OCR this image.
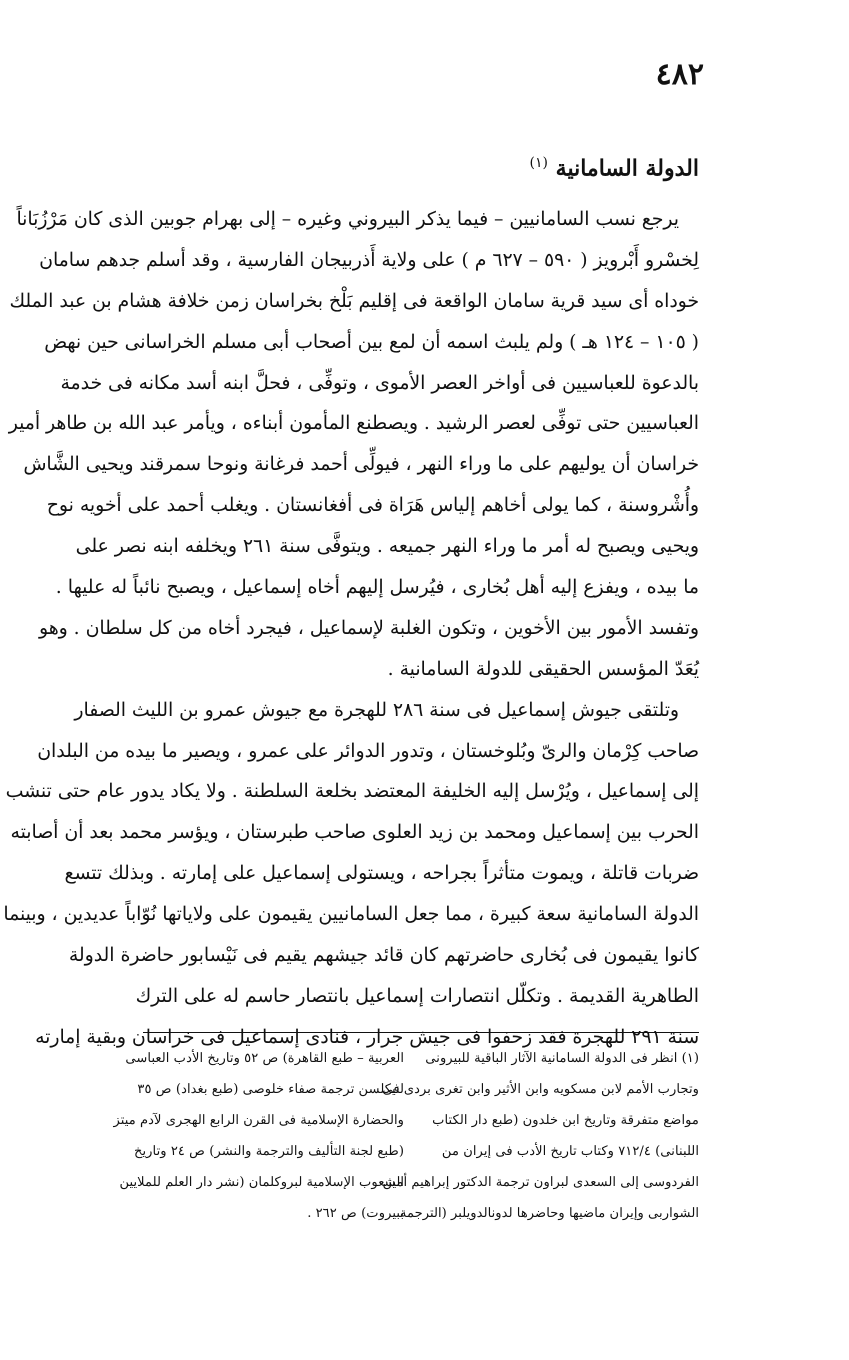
٤٨٢
الدولة السامانية $^{(١)}$
يرجع نسب السامانيين – فيما يذكر البيروني وغيره – إلى بهرام جوبين الذى كان مَرْزُبَاناً
لِخسْرو أَبْرويز ( ٥٩٠ – ٦٢٧ م ) على ولاية أَذربيجان الفارسية ، وقد أسلم جدهم سامان
خوداه أى سيد قرية سامان الواقعة فى إقليم بَلْخ بخراسان زمن خلافة هشام بن عبد الملك
( ١٠٥ – ١٢٤ هـ ) ولم يلبث اسمه أن لمع بين أصحاب أبى مسلم الخراسانى حين نهض
بالدعوة للعباسيين فى أواخر العصر الأموى ، وتوفِّى ، فحلَّ ابنه أسد مكانه فى خدمة
العباسيين حتى توفِّى لعصر الرشيد . ويصطنع المأمون أبناءه ، ويأمر عبد الله بن طاهر أمير
خراسان أن يوليهم على ما وراء النهر ، فيولِّى أحمد فرغانة ونوحا سمرقند ويحيى الشَّاش
وأُشْروسنة ، كما يولى أخاهم إلياس هَرَاة فى أفغانستان . ويغلب أحمد على أخويه نوح
ويحيى ويصبح له أمر ما وراء النهر جميعه . ويتوفَّى سنة ٢٦١ ويخلفه ابنه نصر على
ما بيده ، ويفزع إليه أهل بُخارى ، فيُرسل إليهم أخاه إسماعيل ، ويصبح نائباً له عليها .
وتفسد الأمور بين الأخوين ، وتكون الغلبة لإسماعيل ، فيجرد أخاه من كل سلطان . وهو
يُعَدّ المؤسس الحقيقى للدولة السامانية .
وتلتقى جيوش إسماعيل فى سنة ٢٨٦ للهجرة مع جيوش عمرو بن الليث الصفار
صاحب كِرْمان والرىّ وبُلوخستان ، وتدور الدوائر على عمرو ، ويصير ما بيده من البلدان
إلى إسماعيل ، ويُرْسل إليه الخليفة المعتضد بخلعة السلطنة . ولا يكاد يدور عام حتى تنشب
الحرب بين إسماعيل ومحمد بن زيد العلوى صاحب طبرستان ، ويؤسر محمد بعد أن أصابته
ضربات قاتلة ، ويموت متأثراً بجراحه ، ويستولى إسماعيل على إمارته . وبذلك تتسع
الدولة السامانية سعة كبيرة ، مما جعل السامانيين يقيمون على ولاياتها نُوّاباً عديدين ، وبينما
كانوا يقيمون فى بُخارى حاضرتهم كان قائد جيشهم يقيم فى نَيْسابور حاضرة الدولة
الطاهرية القديمة . وتكلّل انتصارات إسماعيل بانتصار حاسم له على الترك
سنة ٢٩١ للهجرة فقد زحفوا فى جيش جرار ، فنادى إسماعيل فى خراسان وبقية إمارته
(١) انظر فى الدولة السامانية الآثار الباقية للبيرونى
وتجارب الأمم لابن مسكويه وابن الأثير وابن تغرى بردى فى
مواضع متفرقة وتاريخ ابن خلدون (طبع دار الكتاب
اللبنانى) ٧١٢/٤ وكتاب تاريخ الأدب فى إيران من
الفردوسى إلى السعدى لبراون ترجمة الدكتور إبراهيم أمين
الشواربى وإيران ماضيها وحاضرها لدونالدويلبر (الترجمة
العربية – طبع القاهرة) ص ٥٢ وتاريخ الأدب العباسى
لنيكلسن ترجمة صفاء خلوصى (طبع بغداد) ص ٣٥
والحضارة الإسلامية فى القرن الرابع الهجرى لآدم ميتز
(طبع لجنة التأليف والترجمة والنشر) ص ٢٤ وتاريخ
الشعوب الإسلامية لبروكلمان (نشر دار العلم للملايين
ببيروت) ص ٢٦٢ .
